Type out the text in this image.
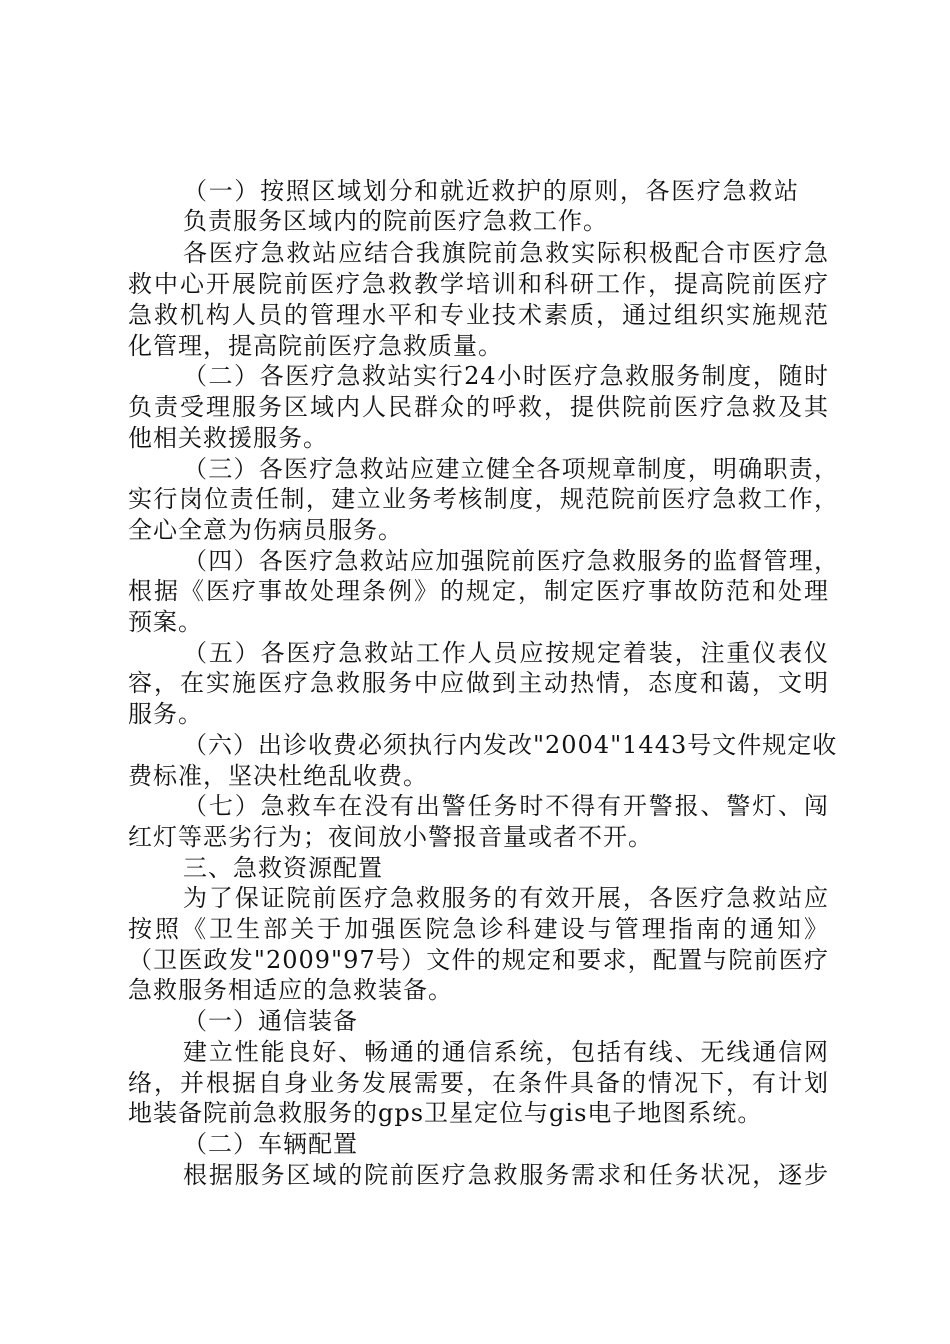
（一）按照区域划分和就近救护的原则，各医疗急救站
负责服务区域内的院前医疗急救工作。
各医疗急救站应结合我旗院前急救实际积极配合市医疗急
救中心开展院前医疗急救教学培训和科研工作，提高院前医疗
急救机构人员的管理水平和专业技术素质，通过组织实施规范
化管理，提高院前医疗急救质量。
（二）各医疗急救站实行24小时医疗急救服务制度，随时
负责受理服务区域内人民群众的呼救，提供院前医疗急救及其
他相关救援服务。
（三）各医疗急救站应建立健全各项规章制度，明确职责，
实行岗位责任制，建立业务考核制度，规范院前医疗急救工作，
全心全意为伤病员服务。
（四）各医疗急救站应加强院前医疗急救服务的监督管理，
根据《医疗事故处理条例》的规定，制定医疗事故防范和处理
预案。
（五）各医疗急救站工作人员应按规定着装，注重仪表仪
容，在实施医疗急救服务中应做到主动热情，态度和蔼，文明
服务。
（六）出诊收费必须执行内发改"2004"1443号文件规定收
费标准，坚决杜绝乱收费。
（七）急救车在没有出警任务时不得有开警报、警灯、闯
红灯等恶劣行为；夜间放小警报音量或者不开。
三、急救资源配置
为了保证院前医疗急救服务的有效开展，各医疗急救站应
按照《卫生部关于加强医院急诊科建设与管理指南的通知》
（卫医政发"2009"97号）文件的规定和要求，配置与院前医疗
急救服务相适应的急救装备。
（一）通信装备
建立性能良好、畅通的通信系统，包括有线、无线通信网
络，并根据自身业务发展需要，在条件具备的情况下，有计划
地装备院前急救服务的gps卫星定位与gis电子地图系统。
（二）车辆配置
根据服务区域的院前医疗急救服务需求和任务状况，逐步
